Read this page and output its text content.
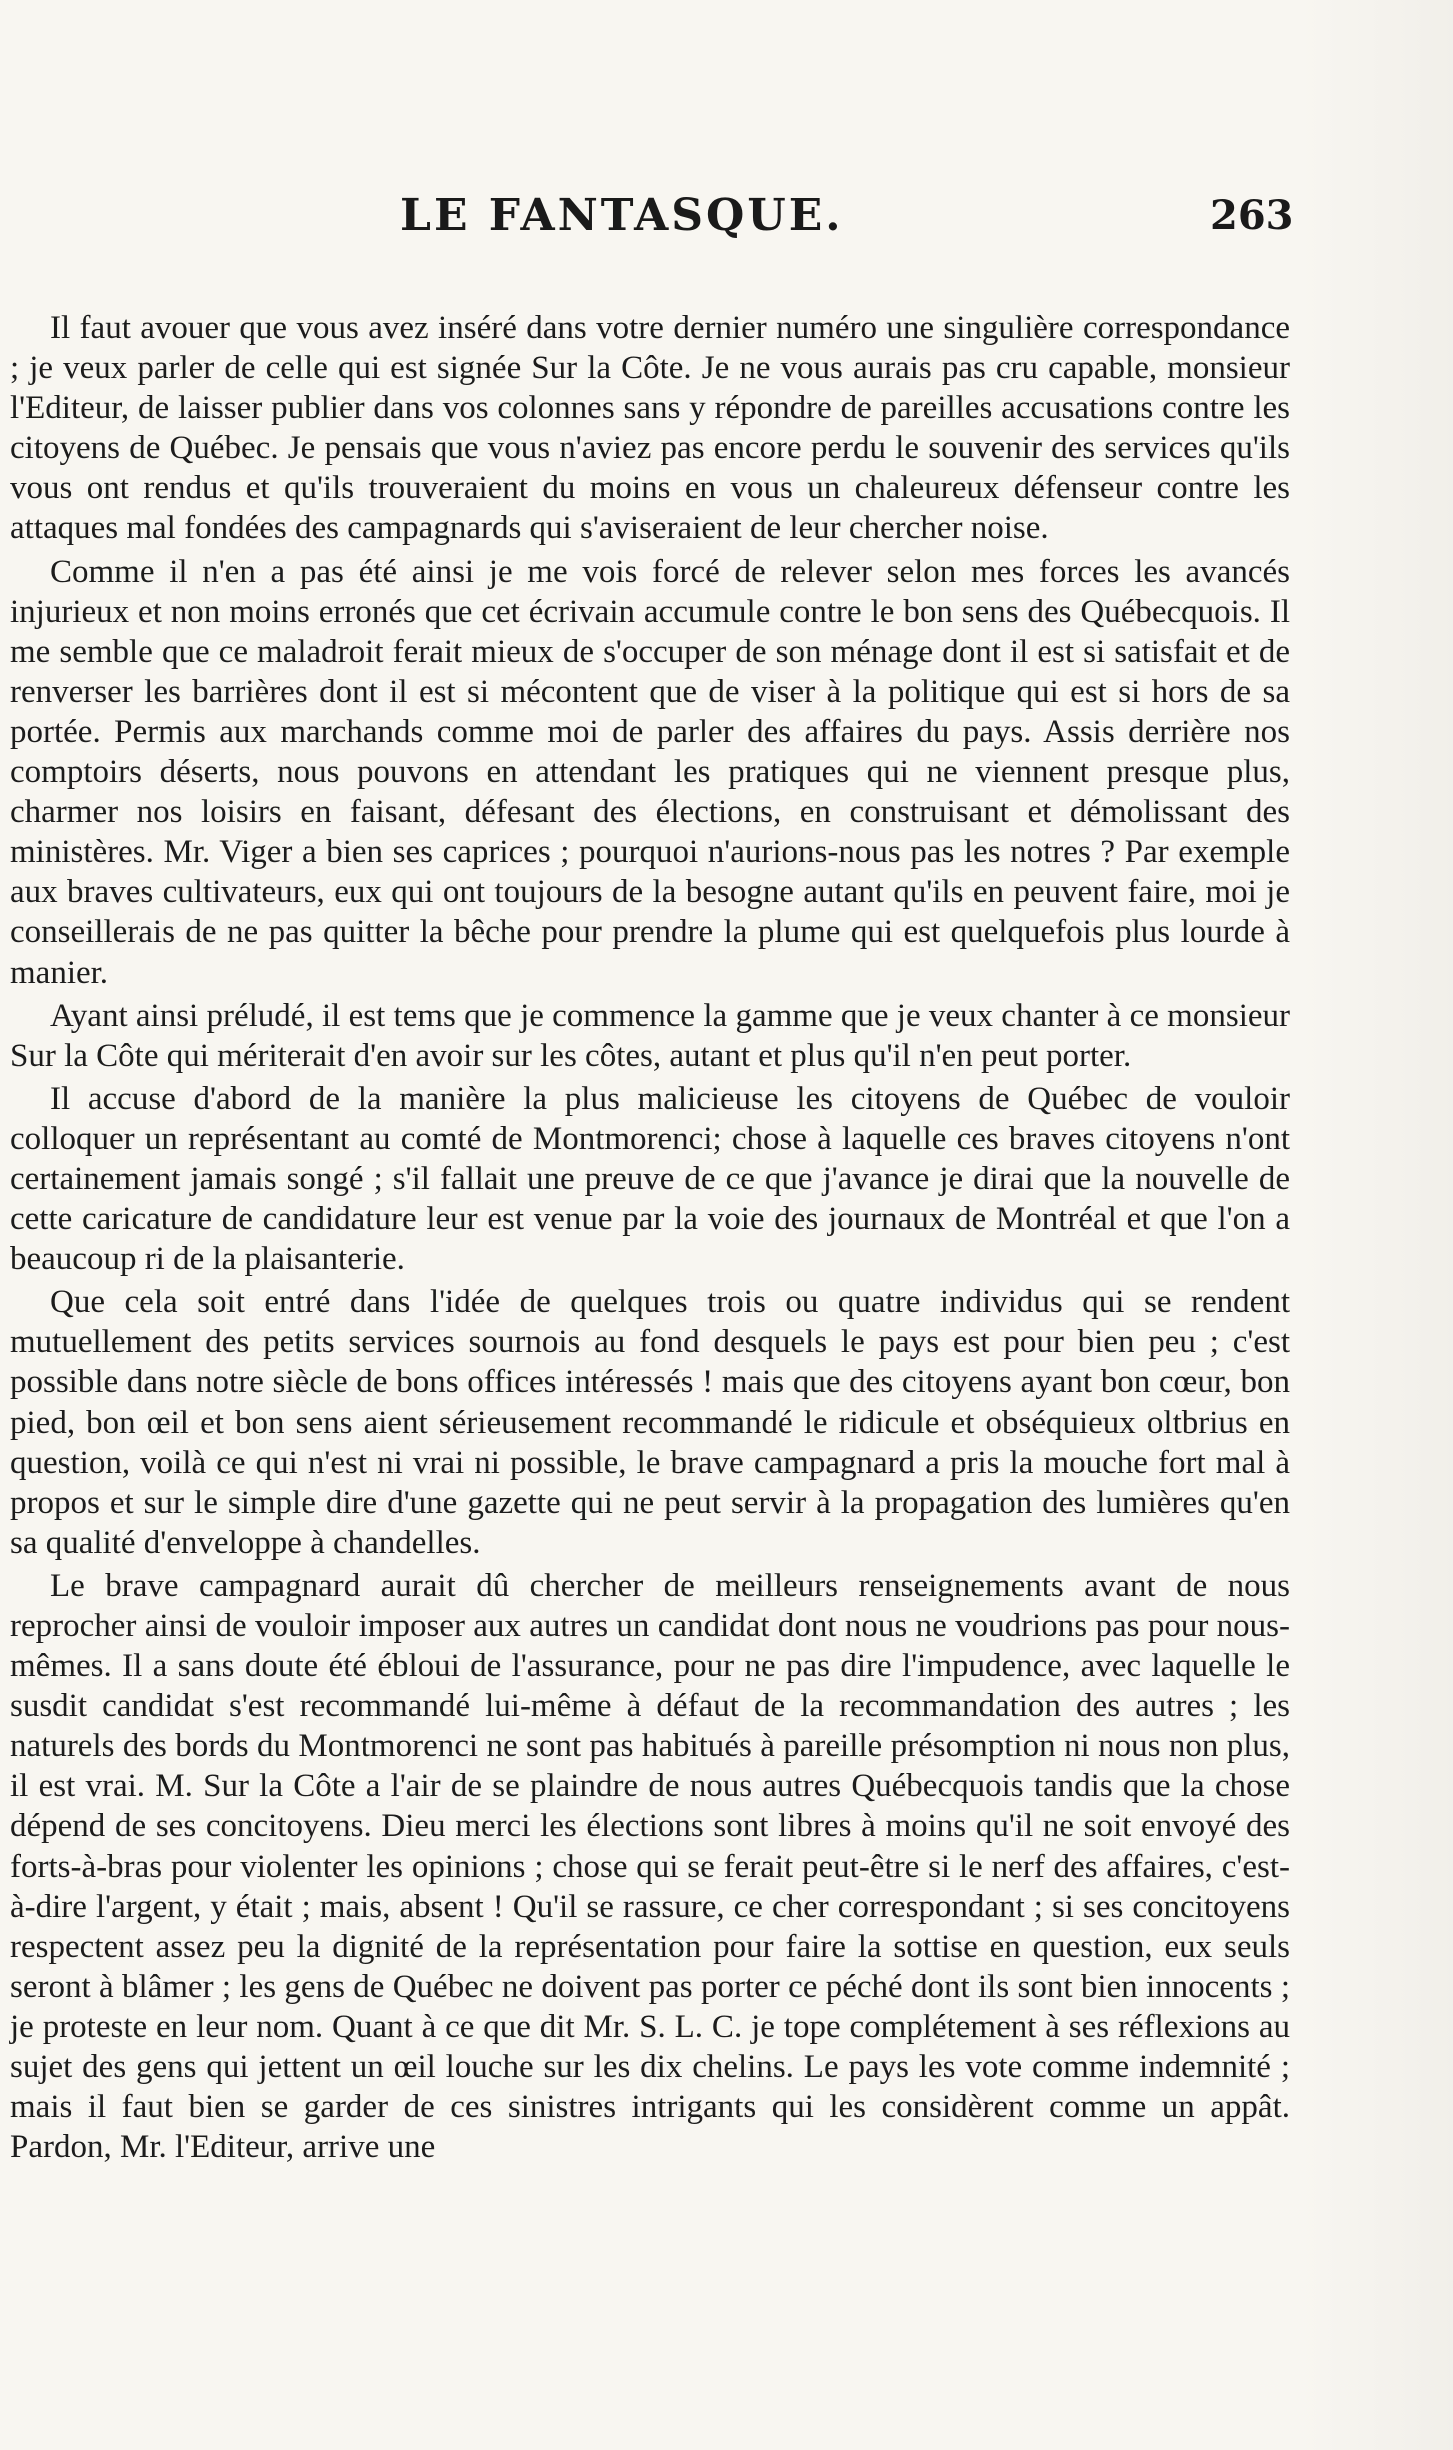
LE FANTASQUE.	263

Il faut avouer que vous avez inséré dans votre dernier numéro une singulière correspondance ; je veux parler de celle qui est signée Sur la Côte. Je ne vous aurais pas cru capable, monsieur l'Editeur, de laisser publier dans vos colonnes sans y répondre de pareilles accusations contre les citoyens de Québec. Je pensais que vous n'aviez pas encore perdu le souvenir des services qu'ils vous ont rendus et qu'ils trouveraient du moins en vous un chaleureux défenseur contre les attaques mal fondées des campagnards qui s'aviseraient de leur chercher noise.

Comme il n'en a pas été ainsi je me vois forcé de relever selon mes forces les avancés injurieux et non moins erronés que cet écrivain accumule contre le bon sens des Québecquois. Il me semble que ce maladroit ferait mieux de s'occuper de son ménage dont il est si satisfait et de renverser les barrières dont il est si mécontent que de viser à la politique qui est si hors de sa portée. Permis aux marchands comme moi de parler des affaires du pays. Assis derrière nos comptoirs déserts, nous pouvons en attendant les pratiques qui ne viennent presque plus, charmer nos loisirs en faisant, défesant des élections, en construisant et démolissant des ministères. Mr. Viger a bien ses caprices ; pourquoi n'aurions-nous pas les notres ? Par exemple aux braves cultivateurs, eux qui ont toujours de la besogne autant qu'ils en peuvent faire, moi je conseillerais de ne pas quitter la bêche pour prendre la plume qui est quelquefois plus lourde à manier.

Ayant ainsi préludé, il est tems que je commence la gamme que je veux chanter à ce monsieur Sur la Côte qui mériterait d'en avoir sur les côtes, autant et plus qu'il n'en peut porter.

Il accuse d'abord de la manière la plus malicieuse les citoyens de Québec de vouloir colloquer un représentant au comté de Montmorenci; chose à laquelle ces braves citoyens n'ont certainement jamais songé ; s'il fallait une preuve de ce que j'avance je dirai que la nouvelle de cette caricature de candidature leur est venue par la voie des journaux de Montréal et que l'on a beaucoup ri de la plaisanterie.

Que cela soit entré dans l'idée de quelques trois ou quatre individus qui se rendent mutuellement des petits services sournois au fond desquels le pays est pour bien peu ; c'est possible dans notre siècle de bons offices intéressés ! mais que des citoyens ayant bon cœur, bon pied, bon œil et bon sens aient sérieusement recommandé le ridicule et obséquieux oltbrius en question, voilà ce qui n'est ni vrai ni possible, le brave campagnard a pris la mouche fort mal à propos et sur le simple dire d'une gazette qui ne peut servir à la propagation des lumières qu'en sa qualité d'enveloppe à chandelles.

Le brave campagnard aurait dû chercher de meilleurs renseignements avant de nous reprocher ainsi de vouloir imposer aux autres un candidat dont nous ne voudrions pas pour nous-mêmes. Il a sans doute été ébloui de l'assurance, pour ne pas dire l'impudence, avec laquelle le susdit candidat s'est recommandé lui-même à défaut de la recommandation des autres ; les naturels des bords du Montmorenci ne sont pas habitués à pareille présomption ni nous non plus, il est vrai. M. Sur la Côte a l'air de se plaindre de nous autres Québecquois tandis que la chose dépend de ses concitoyens. Dieu merci les élections sont libres à moins qu'il ne soit envoyé des forts-à-bras pour violenter les opinions ; chose qui se ferait peut-être si le nerf des affaires, c'est-à-dire l'argent, y était ; mais, absent ! Qu'il se rassure, ce cher correspondant ; si ses concitoyens respectent assez peu la dignité de la représentation pour faire la sottise en question, eux seuls seront à blâmer ; les gens de Québec ne doivent pas porter ce péché dont ils sont bien innocents ; je proteste en leur nom. Quant à ce que dit Mr. S. L. C. je tope complétement à ses réflexions au sujet des gens qui jettent un œil louche sur les dix chelins. Le pays les vote comme indemnité ; mais il faut bien se garder de ces sinistres intrigants qui les considèrent comme un appât. Pardon, Mr. l'Editeur, arrive une
